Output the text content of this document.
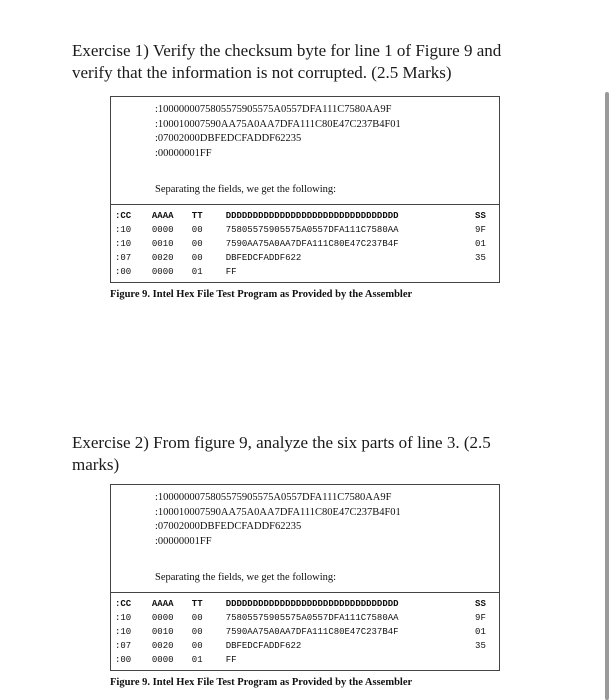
Exercise 1) Verify the checksum byte for line 1 of Figure 9 and verify that the information is not corrupted. (2.5 Marks)
:1000000075805575905575A0557DFA111C7580AA9F
:100010007590AA75A0AA7DFA111C80E47C237B4F01
:07002000DBFEDCFADDF62235
:00000001FF
Separating the fields, we get the following:
:CC	AAAA	TT	DDDDDDDDDDDDDDDDDDDDDDDDDDDDDDDD	SS
:10	0000	00	75805575905575A0557DFA111C7580AA	9F
:10	0010	00	7590AA75A0AA7DFA111C80E47C237B4F	01
:07	0020	00	DBFEDCFADDF622	35
:00	0000	01	FF
Figure 9. Intel Hex File Test Program as Provided by the Assembler
Exercise 2) From figure 9, analyze the six parts of line 3. (2.5 marks)
:1000000075805575905575A0557DFA111C7580AA9F
:100010007590AA75A0AA7DFA111C80E47C237B4F01
:07002000DBFEDCFADDF62235
:00000001FF
Separating the fields, we get the following:
:CC	AAAA	TT	DDDDDDDDDDDDDDDDDDDDDDDDDDDDDDDD	SS
:10	0000	00	75805575905575A0557DFA111C7580AA	9F
:10	0010	00	7590AA75A0AA7DFA111C80E47C237B4F	01
:07	0020	00	DBFEDCFADDF622	35
:00	0000	01	FF
Figure 9. Intel Hex File Test Program as Provided by the Assembler
